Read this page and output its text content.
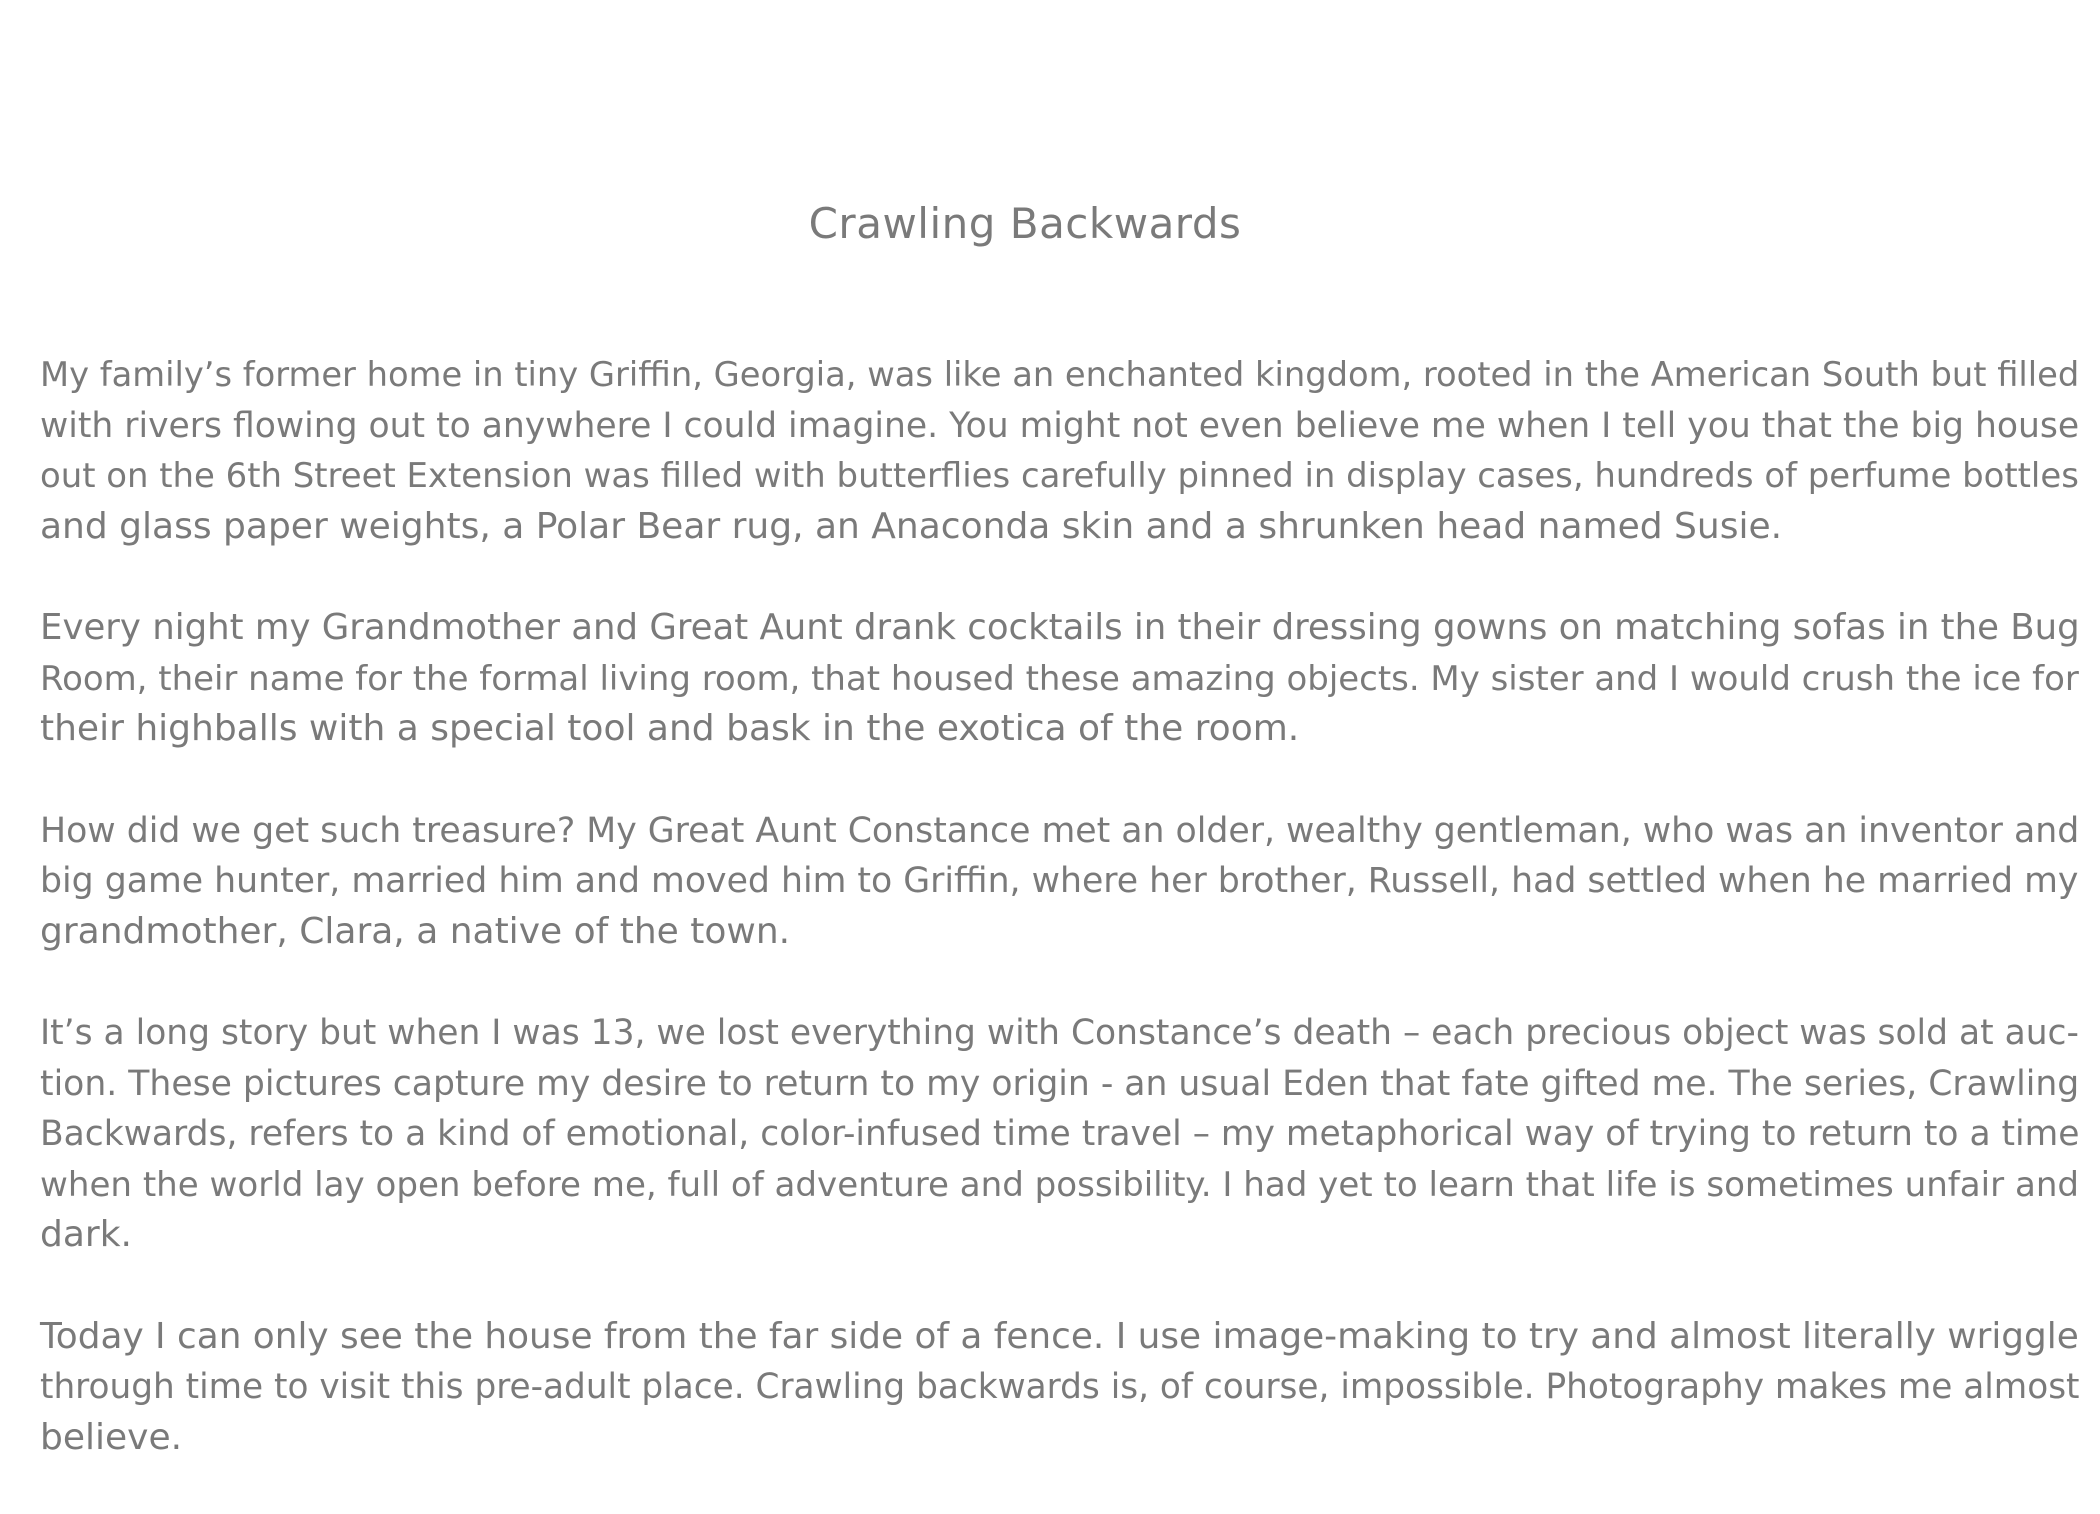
Crawling Backwards

My family’s former home in tiny Griffin, Georgia, was like an enchanted kingdom, rooted in the American South but filled
with rivers flowing out to anywhere I could imagine. You might not even believe me when I tell you that the big house
out on the 6th Street Extension was filled with butterflies carefully pinned in display cases, hundreds of perfume bottles
and glass paper weights, a Polar Bear rug, an Anaconda skin and a shrunken head named Susie.

Every night my Grandmother and Great Aunt drank cocktails in their dressing gowns on matching sofas in the Bug
Room, their name for the formal living room, that housed these amazing objects. My sister and I would crush the ice for
their highballs with a special tool and bask in the exotica of the room.

How did we get such treasure? My Great Aunt Constance met an older, wealthy gentleman, who was an inventor and
big game hunter, married him and moved him to Griffin, where her brother, Russell, had settled when he married my
grandmother, Clara, a native of the town.

It’s a long story but when I was 13, we lost everything with Constance’s death – each precious object was sold at auc-
tion. These pictures capture my desire to return to my origin - an usual Eden that fate gifted me. The series, Crawling
Backwards, refers to a kind of emotional, color-infused time travel – my metaphorical way of trying to return to a time
when the world lay open before me, full of adventure and possibility. I had yet to learn that life is sometimes unfair and
dark.

Today I can only see the house from the far side of a fence. I use image-making to try and almost literally wriggle
through time to visit this pre-adult place. Crawling backwards is, of course, impossible. Photography makes me almost
believe.
